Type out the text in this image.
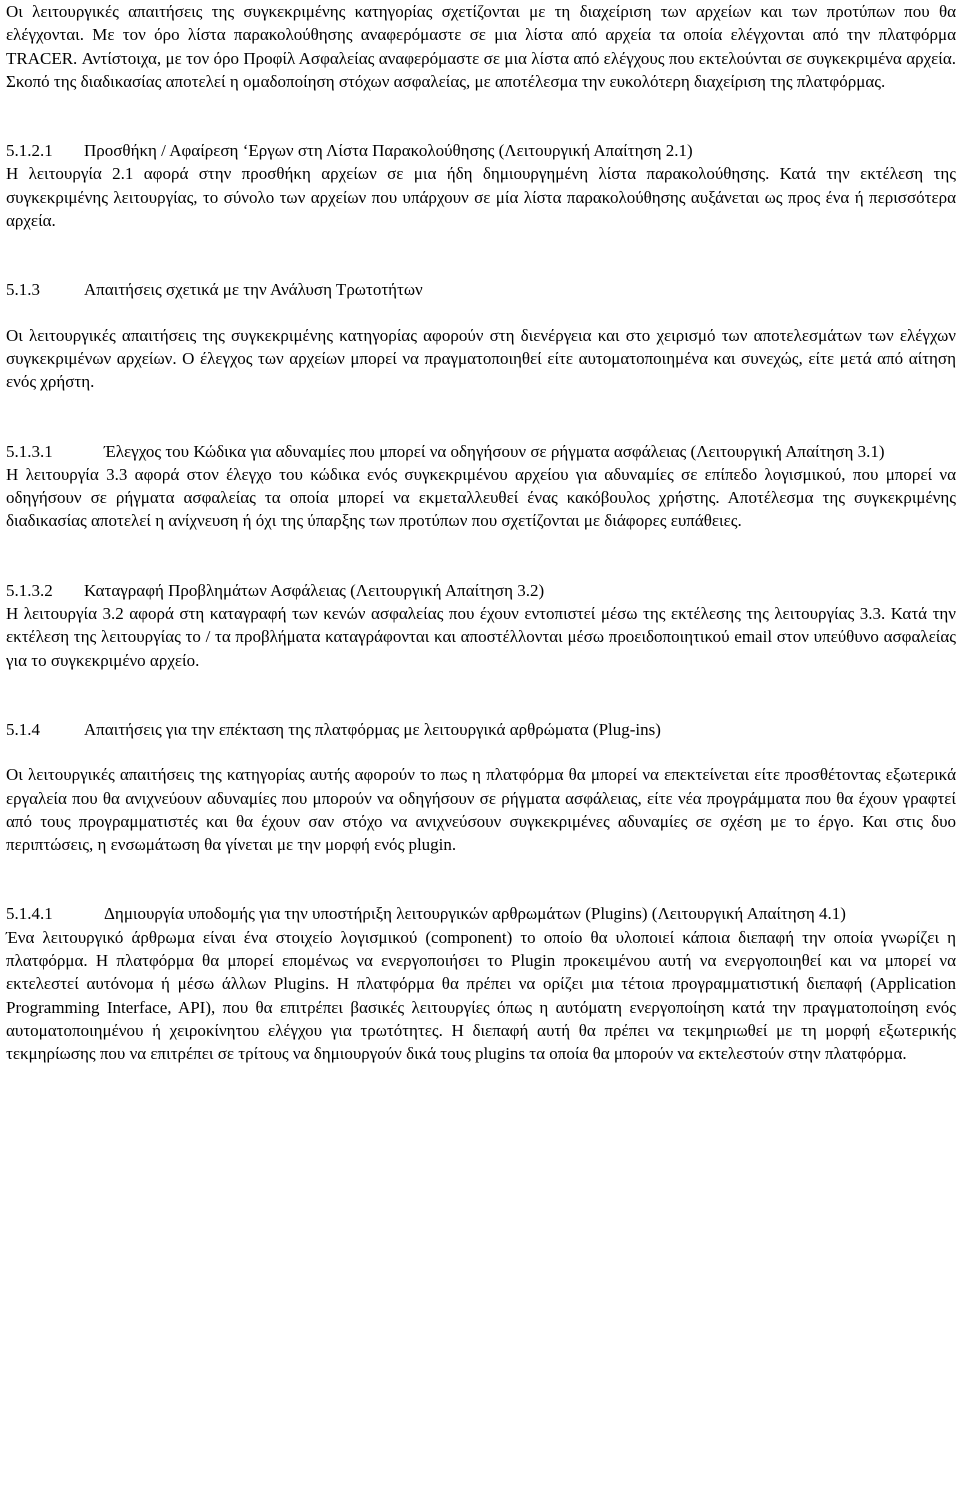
Οι λειτουργικές απαιτήσεις της συγκεκριμένης κατηγορίας σχετίζονται με τη διαχείριση των αρχείων και των προτύπων που θα ελέγχονται. Με τον όρο λίστα παρακολούθησης αναφερόμαστε σε μια λίστα από αρχεία τα οποία ελέγχονται από την πλατφόρμα TRACER. Αντίστοιχα, με τον όρο Προφίλ Ασφαλείας αναφερόμαστε σε μια λίστα από ελέγχους που εκτελούνται σε συγκεκριμένα αρχεία. Σκοπό της διαδικασίας αποτελεί η ομαδοποίηση στόχων ασφαλείας, με αποτέλεσμα την ευκολότερη διαχείριση της πλατφόρμας.

5.1.2.1	Προσθήκη / Αφαίρεση ‘Εργων στη Λίστα Παρακολούθησης (Λειτουργική Απαίτηση 2.1)

Η λειτουργία 2.1 αφορά στην προσθήκη αρχείων σε μια ήδη δημιουργημένη λίστα παρακολούθησης. Κατά την εκτέλεση της συγκεκριμένης λειτουργίας, το σύνολο των αρχείων που υπάρχουν σε μία λίστα παρακολούθησης αυξάνεται ως προς ένα ή περισσότερα αρχεία.

5.1.3	Απαιτήσεις σχετικά με την Ανάλυση Τρωτοτήτων

Οι λειτουργικές απαιτήσεις της συγκεκριμένης κατηγορίας αφορούν στη διενέργεια και στο χειρισμό των αποτελεσμάτων των ελέγχων συγκεκριμένων αρχείων. Ο έλεγχος των αρχείων μπορεί να πραγματοποιηθεί είτε αυτοματοποιημένα και συνεχώς, είτε μετά από αίτηση ενός χρήστη.

5.1.3.1	Έλεγχος του Κώδικα για αδυναμίες που μπορεί να οδηγήσουν σε ρήγματα ασφάλειας (Λειτουργική Απαίτηση 3.1)

Η λειτουργία 3.3 αφορά στον έλεγχο του κώδικα ενός συγκεκριμένου αρχείου για αδυναμίες σε επίπεδο λογισμικού, που μπορεί να οδηγήσουν σε ρήγματα ασφαλείας τα οποία μπορεί να εκμεταλλευθεί ένας κακόβουλος χρήστης. Αποτέλεσμα της συγκεκριμένης διαδικασίας αποτελεί η ανίχνευση ή όχι της ύπαρξης των προτύπων που σχετίζονται με διάφορες ευπάθειες.

5.1.3.2	Καταγραφή Προβλημάτων Ασφάλειας (Λειτουργική Απαίτηση 3.2)

Η λειτουργία 3.2 αφορά στη καταγραφή των κενών ασφαλείας που έχουν εντοπιστεί μέσω της εκτέλεσης της λειτουργίας 3.3. Κατά την εκτέλεση της λειτουργίας το / τα προβλήματα καταγράφονται και αποστέλλονται μέσω προειδοποιητικού email στον υπεύθυνο ασφαλείας για το συγκεκριμένο αρχείο.

5.1.4	Απαιτήσεις για την επέκταση της πλατφόρμας με λειτουργικά αρθρώματα (Plug-ins)

Οι λειτουργικές απαιτήσεις της κατηγορίας αυτής αφορούν το πως η πλατφόρμα θα μπορεί να επεκτείνεται είτε προσθέτοντας εξωτερικά εργαλεία που θα ανιχνεύουν αδυναμίες που μπορούν να οδηγήσουν σε ρήγματα ασφάλειας, είτε νέα προγράμματα που θα έχουν γραφτεί από τους προγραμματιστές και θα έχουν σαν στόχο να ανιχνεύσουν συγκεκριμένες αδυναμίες σε σχέση με το έργο. Και στις δυο περιπτώσεις, η ενσωμάτωση θα γίνεται με την μορφή ενός plugin.

5.1.4.1	Δημιουργία υποδομής για την υποστήριξη λειτουργικών αρθρωμάτων (Plugins) (Λειτουργική Απαίτηση 4.1)

Ένα λειτουργικό άρθρωμα είναι ένα στοιχείο λογισμικού (component) το οποίο θα υλοποιεί κάποια διεπαφή την οποία γνωρίζει η πλατφόρμα. Η πλατφόρμα θα μπορεί επομένως να ενεργοποιήσει το Plugin προκειμένου αυτή να ενεργοποιηθεί και να μπορεί να εκτελεστεί αυτόνομα ή μέσω άλλων Plugins. Η πλατφόρμα θα πρέπει να ορίζει μια τέτοια προγραμματιστική διεπαφή (Application Programming Interface, API), που θα επιτρέπει βασικές λειτουργίες όπως η αυτόματη ενεργοποίηση κατά την πραγματοποίηση ενός αυτοματοποιημένου ή χειροκίνητου ελέγχου για τρωτότητες. Η διεπαφή αυτή θα πρέπει να τεκμηριωθεί με τη μορφή εξωτερικής τεκμηρίωσης που να επιτρέπει σε τρίτους να δημιουργούν δικά τους plugins τα οποία θα μπορούν να εκτελεστούν στην πλατφόρμα.
